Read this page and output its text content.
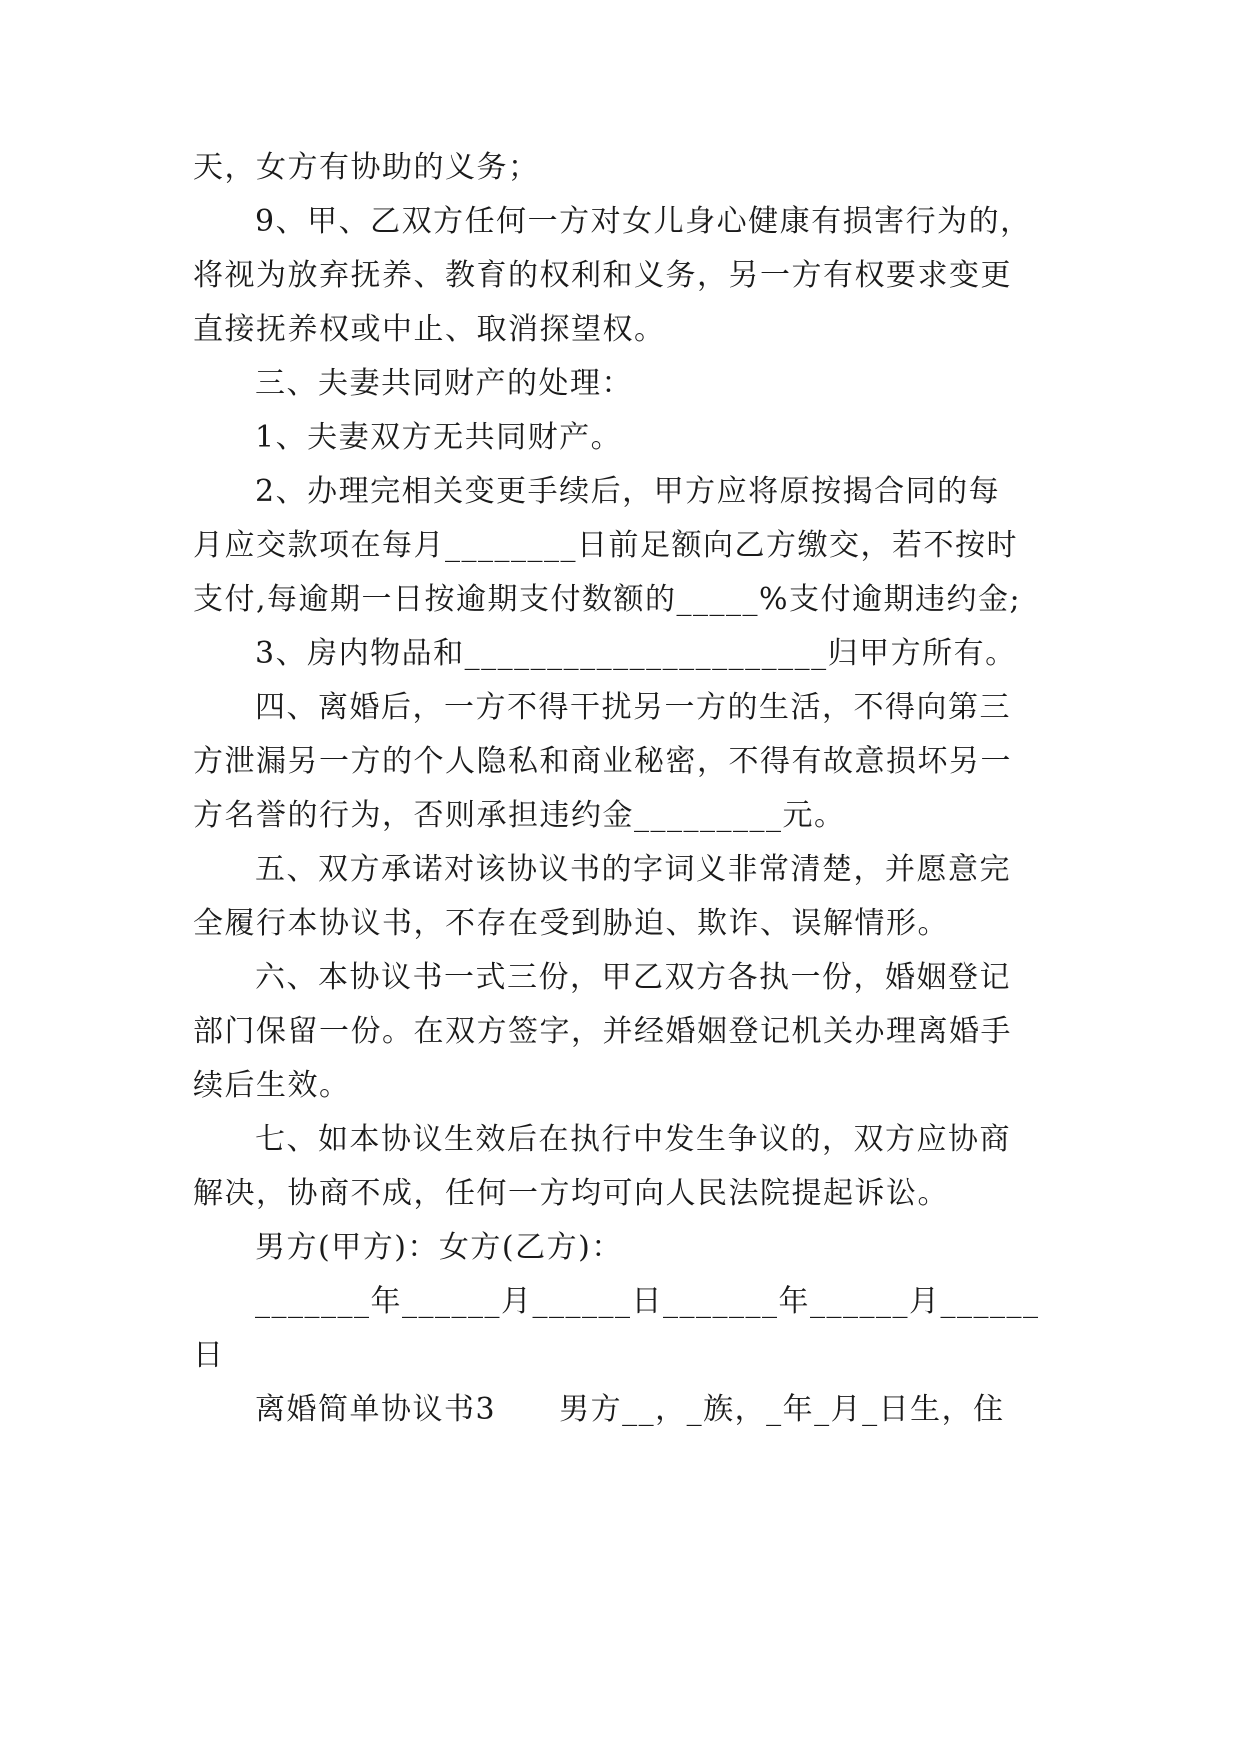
天，女方有协助的义务；
9、甲、乙双方任何一方对女儿身心健康有损害行为的，
将视为放弃抚养、教育的权利和义务，另一方有权要求变更
直接抚养权或中止、取消探望权。
三、夫妻共同财产的处理：
1、夫妻双方无共同财产。
2、办理完相关变更手续后，甲方应将原按揭合同的每
月应交款项在每月________日前足额向乙方缴交，若不按时
支付,每逾期一日按逾期支付数额的_____%支付逾期违约金;
3、房内物品和______________________归甲方所有。
四、离婚后，一方不得干扰另一方的生活，不得向第三
方泄漏另一方的个人隐私和商业秘密，不得有故意损坏另一
方名誉的行为，否则承担违约金_________元。
五、双方承诺对该协议书的字词义非常清楚，并愿意完
全履行本协议书，不存在受到胁迫、欺诈、误解情形。
六、本协议书一式三份，甲乙双方各执一份，婚姻登记
部门保留一份。在双方签字，并经婚姻登记机关办理离婚手
续后生效。
七、如本协议生效后在执行中发生争议的，双方应协商
解决，协商不成，任何一方均可向人民法院提起诉讼。
男方(甲方)：女方(乙方)：
_______年______月______日_______年______月______
日
离婚简单协议书3　　男方__，_族，_年_月_日生，住
